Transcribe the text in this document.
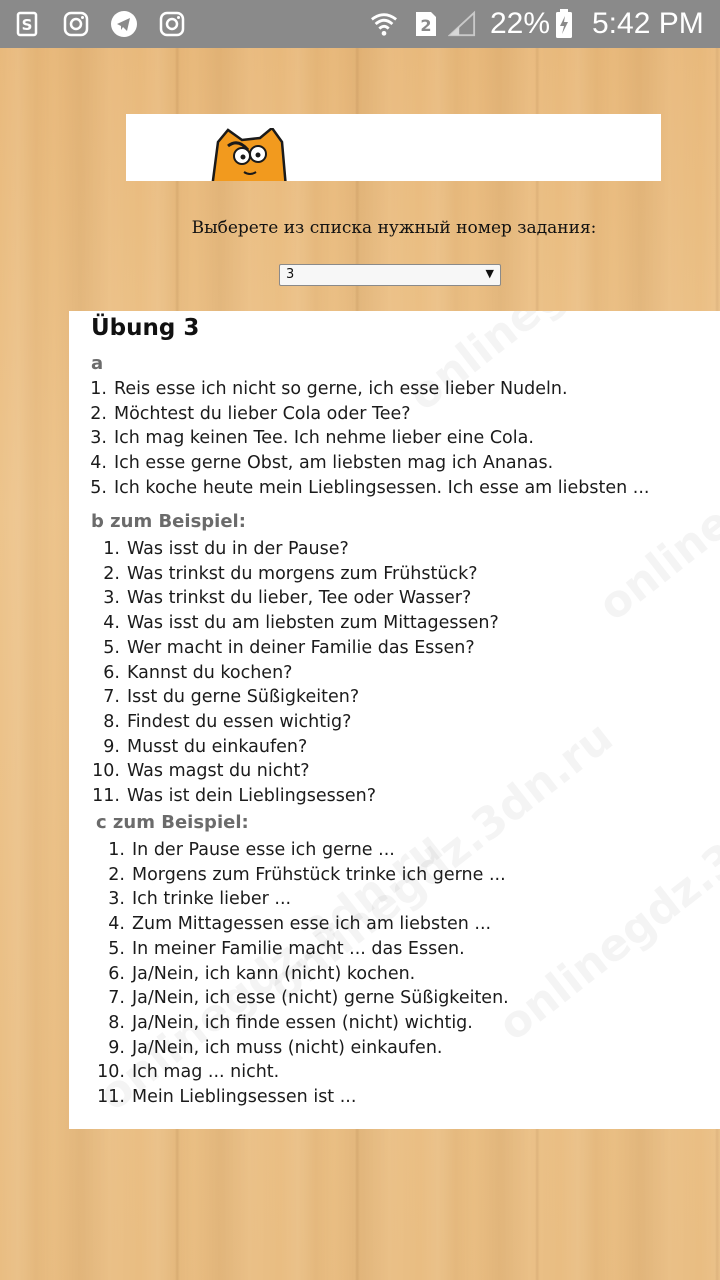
S	2 22% 5:42 PM
Выберете из списка нужный номер задания:
3	▼
Übung 3
a
1. Reis esse ich nicht so gerne, ich esse lieber Nudeln.
2. Möchtest du lieber Cola oder Tee?
3. Ich mag keinen Tee. Ich nehme lieber eine Cola.
4. Ich esse gerne Obst, am liebsten mag ich Ananas.
5. Ich koche heute mein Lieblingsessen. Ich esse am liebsten ...
b zum Beispiel:
1. Was isst du in der Pause?
2. Was trinkst du morgens zum Frühstück?
3. Was trinkst du lieber, Tee oder Wasser?
4. Was isst du am liebsten zum Mittagessen?
5. Wer macht in deiner Familie das Essen?
6. Kannst du kochen?
7. Isst du gerne Süßigkeiten?
8. Findest du essen wichtig?
9. Musst du einkaufen?
10. Was magst du nicht?
11. Was ist dein Lieblingsessen?
c zum Beispiel:
1. In der Pause esse ich gerne ...
2. Morgens zum Frühstück trinke ich gerne ...
3. Ich trinke lieber ...
4. Zum Mittagessen esse ich am liebsten ...
5. In meiner Familie macht ... das Essen.
6. Ja/Nein, ich kann (nicht) kochen.
7. Ja/Nein, ich esse (nicht) gerne Süßigkeiten.
8. Ja/Nein, ich finde essen (nicht) wichtig.
9. Ja/Nein, ich muss (nicht) einkaufen.
10. Ich mag ... nicht.
11. Mein Lieblingsessen ist ...
